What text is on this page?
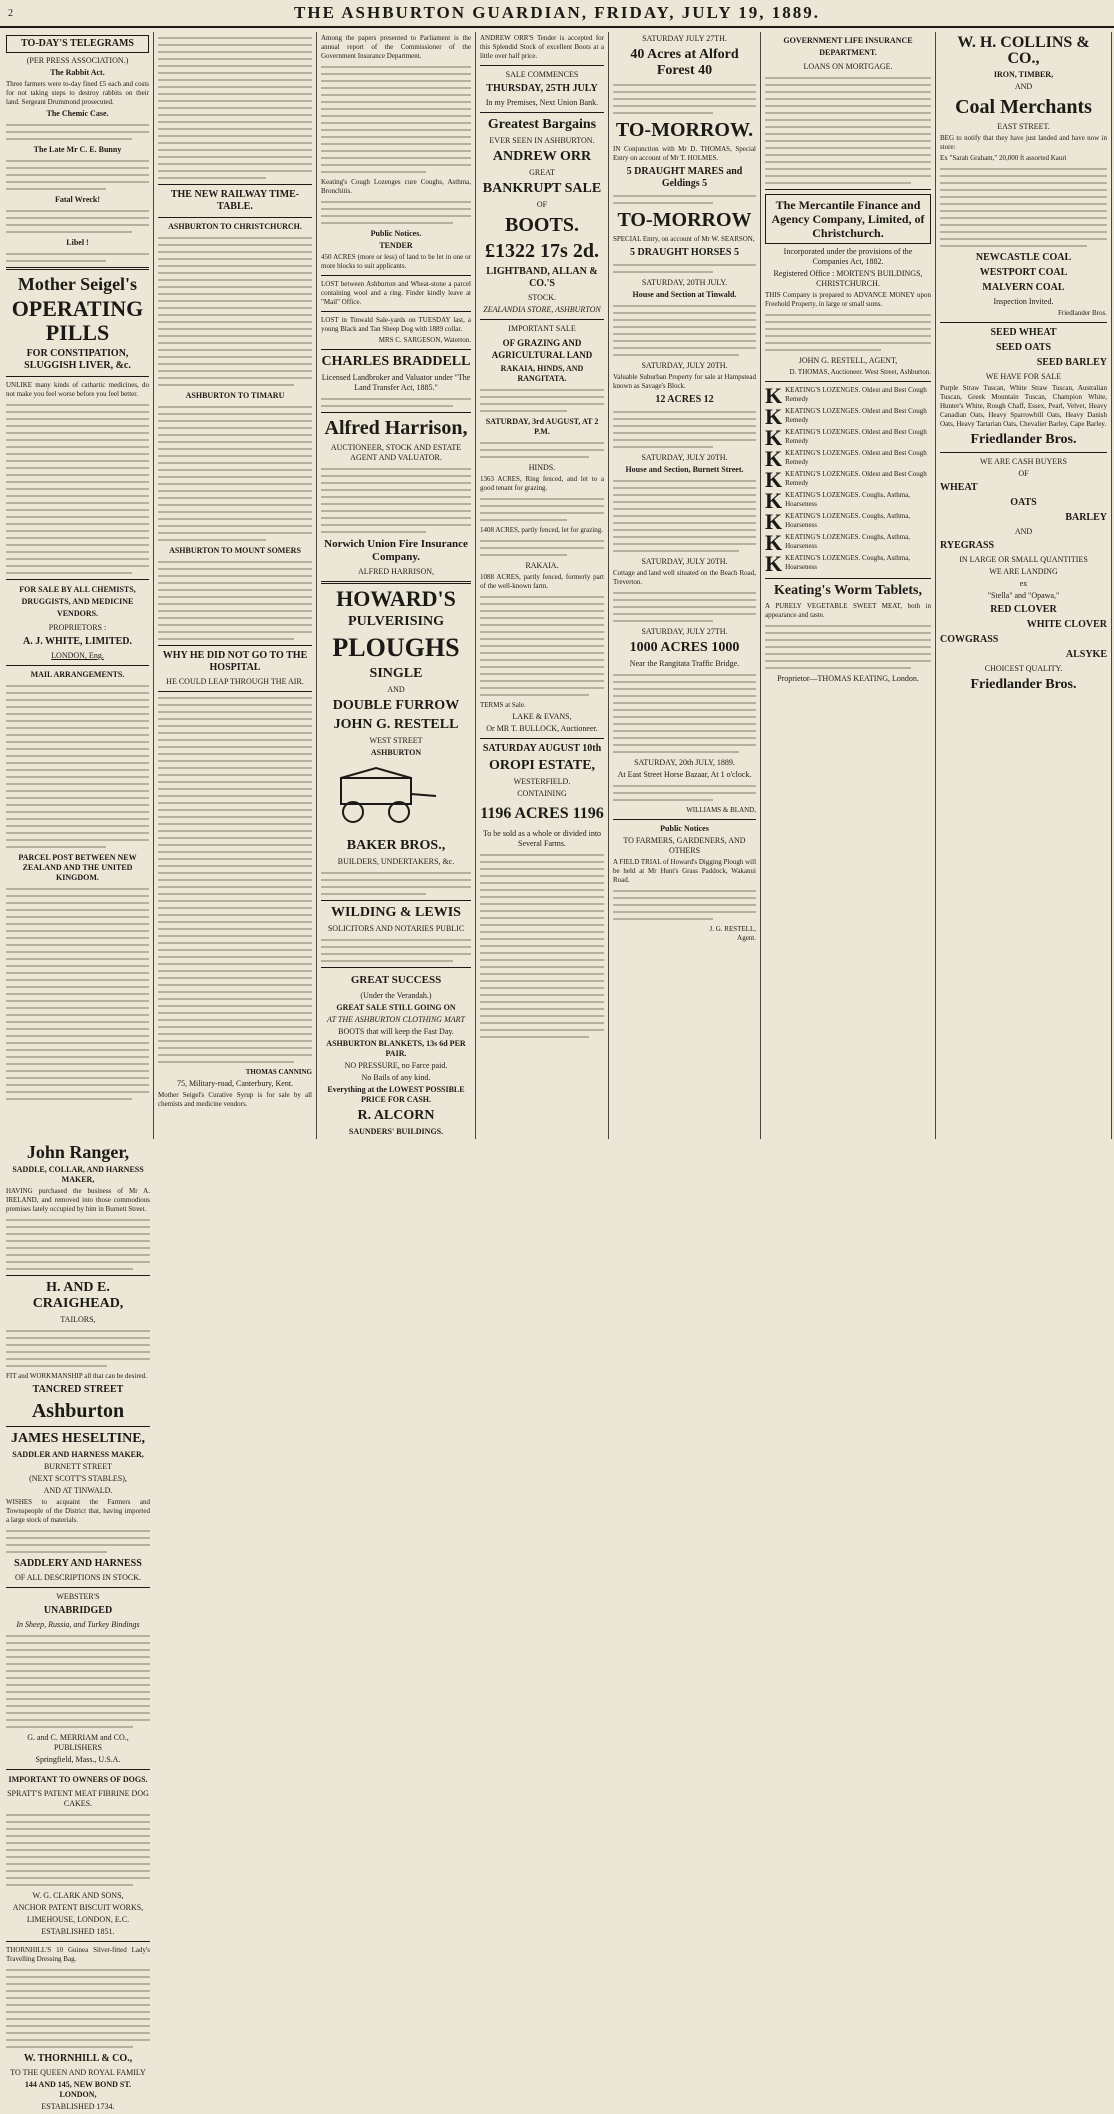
2	THE ASHBURTON GUARDIAN, FRIDAY, JULY 19, 1889.
TO-DAY'S TELEGRAMS
(PER PRESS ASSOCIATION.)
The Rabbit Act.
Three farmers were to-day fined £5 each and costs for not taking steps to destroy rabbits on their land. Sergeant Drummond prosecuted.
The Chemic Case.
The Late Mr C. E. Bunny
Fatal Wreck!
Libel !
Mother Seigel's
OPERATING PILLS
FOR CONSTIPATION, SLUGGISH LIVER, &c.
UNLIKE many kinds of cathartic medicines, do not make you feel worse before you feel better.
FOR SALE BY ALL CHEMISTS, DRUGGISTS, AND MEDICINE VENDORS.
PROPRIETORS :
A. J. WHITE, LIMITED.
LONDON, Eng.
MAIL ARRANGEMENTS.
PARCEL POST BETWEEN NEW ZEALAND AND THE UNITED KINGDOM.
THE NEW RAILWAY TIME-TABLE.
ASHBURTON TO CHRISTCHURCH.
ASHBURTON TO TIMARU
ASHBURTON TO MOUNT SOMERS
WHY HE DID NOT GO TO THE HOSPITAL
HE COULD LEAP THROUGH THE AIR.
THOMAS CANNING
75, Military-road, Canterbury, Kent.
Mother Seigel's Curative Syrup is for sale by all chemists and medicine vendors.
Among the papers presented to Parliament is the annual report of the Commissioner of the Government Insurance Department.
Keating's Cough Lozenges cure Coughs, Asthma, Bronchitis.
Public Notices.
TENDER
450 ACRES (more or less) of land to be let in one or more blocks to suit applicants.
LOST between Ashburton and Wheat-stone a parcel containing wool and a ring. Finder kindly leave at "Mail" Office.
LOST in Tinwald Sale-yards on TUESDAY last, a young Black and Tan Sheep Dog with 1889 collar.
MRS C. SARGESON, Waterton.
CHARLES BRADDELL
Licensed Landbroker and Valuator under "The Land Transfer Act, 1885."
Alfred Harrison,
AUCTIONEER, STOCK AND ESTATE AGENT AND VALUATOR.
Norwich Union Fire Insurance Company.
ALFRED HARRISON,
HOWARD'S
PULVERISING
PLOUGHS
SINGLE
AND
DOUBLE FURROW
JOHN G. RESTELL
WEST STREET
ASHBURTON
BAKER BROS.,
BUILDERS, UNDERTAKERS, &c.
WILDING & LEWIS
SOLICITORS AND NOTARIES PUBLIC
GREAT SUCCESS
(Under the Verandah.)
GREAT SALE STILL GOING ON
AT THE ASHBURTON CLOTHING MART
BOOTS that will keep the Fast Day.
ASHBURTON BLANKETS, 13s 6d PER PAIR.
NO PRESSURE, no Farce paid.
No Bails of any kind.
Everything at the LOWEST POSSIBLE PRICE FOR CASH.
R. ALCORN
SAUNDERS' BUILDINGS.
ANDREW ORR'S Tender is accepted for this Splendid Stock of excellent Boots at a little over half price.
SALE COMMENCES
THURSDAY, 25TH JULY
In my Premises, Next Union Bank.
Greatest Bargains
EVER SEEN IN ASHBURTON.
ANDREW ORR
GREAT
BANKRUPT SALE
OF
BOOTS.
£1322 17s 2d.
LIGHTBAND, ALLAN & CO.'S
STOCK.
ZEALANDIA STORE, ASHBURTON
IMPORTANT SALE
OF GRAZING AND AGRICULTURAL LAND
RAKAIA, HINDS, AND RANGITATA.
SATURDAY, 3rd AUGUST, AT 2 P.M.
HINDS.
1363 ACRES, Ring fenced, and let to a good tenant for grazing.
1408 ACRES, partly fenced, let for grazing.
RAKAIA.
1088 ACRES, partly fenced, formerly part of the well-known farm.
TERMS at Sale.
LAKE & EVANS,
Or MR T. BULLOCK, Auctioneer.
SATURDAY AUGUST 10th
OROPI ESTATE,
WESTERFIELD.
CONTAINING
1196 ACRES 1196
To be sold as a whole or divided into Several Farms.
SATURDAY JULY 27TH.
40 Acres at Alford Forest 40
TO-MORROW.
IN Conjunction with Mr D. THOMAS, Special Entry on account of Mr T. HOLMES.
5 DRAUGHT MARES and Geldings 5
TO-MORROW
SPECIAL Entry, on account of Mr W. SEARSON,
5 DRAUGHT HORSES 5
SATURDAY, 20TH JULY.
House and Section at Tinwald.
SATURDAY, JULY 20TH.
Valuable Suburban Property for sale at Hampstead known as Savage's Block.
12 ACRES 12
SATURDAY, JULY 20TH.
House and Section, Burnett Street.
SATURDAY, JULY 20TH.
Cottage and land well situated on the Beach Road, Treverton.
SATURDAY, JULY 27TH.
1000 ACRES 1000
Near the Rangitata Traffic Bridge.
SATURDAY, 20th JULY, 1889.
At East Street Horse Bazaar, At 1 o'clock.
WILLIAMS & BLAND,
Public Notices
TO FARMERS, GARDENERS, AND OTHERS
A FIELD TRIAL of Howard's Digging Plough will be held at Mr Hunt's Grass Paddock, Wakanui Road.
J. G. RESTELL,
Agent.
GOVERNMENT LIFE INSURANCE DEPARTMENT.
LOANS ON MORTGAGE.
The Mercantile Finance and Agency Company, Limited, of Christchurch.
Incorporated under the provisions of the Companies Act, 1882.
Registered Office : MORTEN'S BUILDINGS, CHRISTCHURCH.
THIS Company is prepared to ADVANCE MONEY upon Freehold Property, in large or small sums.
JOHN G. RESTELL, AGENT,
D. THOMAS, Auctioneer. West Street, Ashburton.
K KEATING'S LOZENGES. Oldest and Best Cough Remedy
K KEATING'S LOZENGES. Oldest and Best Cough Remedy
K KEATING'S LOZENGES. Oldest and Best Cough Remedy
K KEATING'S LOZENGES. Oldest and Best Cough Remedy
K KEATING'S LOZENGES. Oldest and Best Cough Remedy
K KEATING'S LOZENGES. Coughs, Asthma, Hoarseness
K KEATING'S LOZENGES. Coughs, Asthma, Hoarseness
K KEATING'S LOZENGES. Coughs, Asthma, Hoarseness
K KEATING'S LOZENGES. Coughs, Asthma, Hoarseness
Keating's Worm Tablets,
A PURELY VEGETABLE SWEET MEAT, both in appearance and taste.
Proprietor—THOMAS KEATING, London.
W. H. COLLINS & CO.,
IRON, TIMBER,
AND
Coal Merchants
EAST STREET.
BEG to notify that they have just landed and have now in store:
Ex "Sarah Graham," 20,000 ft assorted Kauri
NEWCASTLE COAL
WESTPORT COAL
MALVERN COAL
Inspection Invited.
Friedlander Bros.
SEED WHEAT
SEED OATS
SEED BARLEY
WE HAVE FOR SALE
Purple Straw Tuscan, White Straw Tuscan, Australian Tuscan, Greek Mountain Tuscan, Champion White, Hunter's White, Rough Chaff, Essex, Pearl, Velvet, Heavy Canadian Oats, Heavy Sparrowbill Oats, Heavy Danish Oats, Heavy Tartarian Oats, Chevalier Barley, Cape Barley.
Friedlander Bros.
WE ARE CASH BUYERS
OF
WHEAT
OATS
BARLEY
AND
RYEGRASS
IN LARGE OR SMALL QUANTITIES
WE ARE LANDING
ex
"Stella" and "Opawa,"
RED CLOVER
WHITE CLOVER
COWGRASS
ALSYKE
CHOICEST QUALITY.
Friedlander Bros.
John Ranger,
SADDLE, COLLAR, AND HARNESS MAKER,
HAVING purchased the business of Mr A. IRELAND, and removed into those commodious premises lately occupied by him in Burnett Street.
H. AND E. CRAIGHEAD,
TAILORS,
FIT and WORKMANSHIP all that can be desired.
TANCRED STREET
Ashburton
JAMES HESELTINE,
SADDLER AND HARNESS MAKER,
BURNETT STREET
(NEXT SCOTT'S STABLES),
AND AT TINWALD.
WISHES to acquaint the Farmers and Townspeople of the District that, having imported a large stock of materials.
SADDLERY AND HARNESS
OF ALL DESCRIPTIONS IN STOCK.
WEBSTER'S
UNABRIDGED
In Sheep, Russia, and Turkey Bindings
G. and C. MERRIAM and CO., PUBLISHERS
Springfield, Mass., U.S.A.
IMPORTANT TO OWNERS OF DOGS.
SPRATT'S PATENT MEAT FIBRINE DOG CAKES.
W. G. CLARK AND SONS,
ANCHOR PATENT BISCUIT WORKS,
LIMEHOUSE, LONDON, E.C.
ESTABLISHED 1851.
THORNHILL'S 10 Guinea Silver-fitted Lady's Travelling Dressing Bag.
W. THORNHILL & CO.,
TO THE QUEEN AND ROYAL FAMILY
144 AND 145, NEW BOND ST. LONDON,
ESTABLISHED 1734.
